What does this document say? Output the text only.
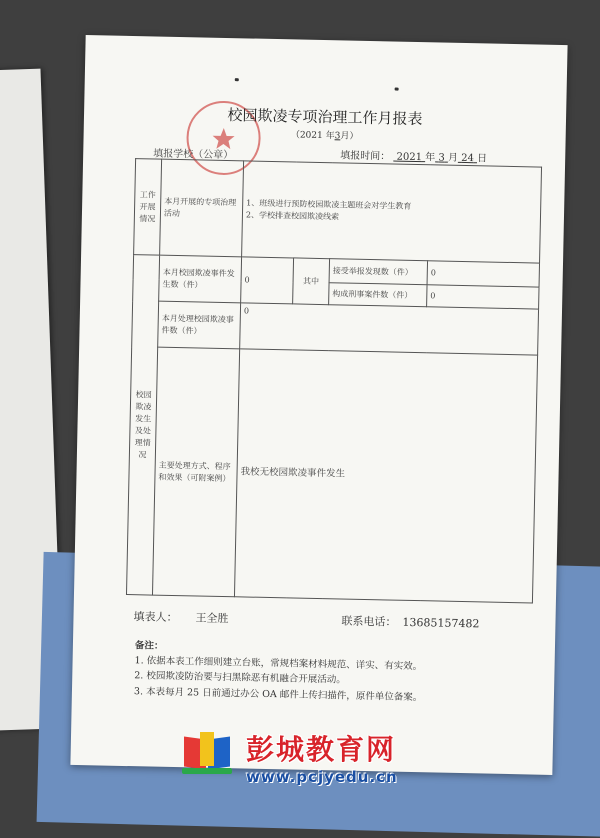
校园欺凌专项治理工作月报表
（2021 年3月）
填报学校（公章）	填报时间： 2021 年 3 月 24 日
工作开展情况	本月开展的专项治理活动	1、班级进行预防校园欺凌主题班会对学生教育
2、学校排查校园欺凌线索			

校园欺凌发生及处理情况	本月校园欺凌事件发生数（件）	0	其中	接受举报发现数（件）	0
				构成刑事案件数（件）	0
	本月处理校园欺凌事件数（件）	0			
	主要处理方式、程序和效果（可附案例）	我校无校园欺凌事件发生			
填表人： 王全胜	联系电话： 13685157482
备注：
1. 依据本表工作细则建立台账，常规档案材料规范、详实、有实效。
2. 校园欺凌防治要与扫黑除恶有机融合开展活动。
3. 本表每月 25 日前通过办公 OA 邮件上传扫描件，原件单位备案。
彭城教育网
www.pcjyedu.cn
